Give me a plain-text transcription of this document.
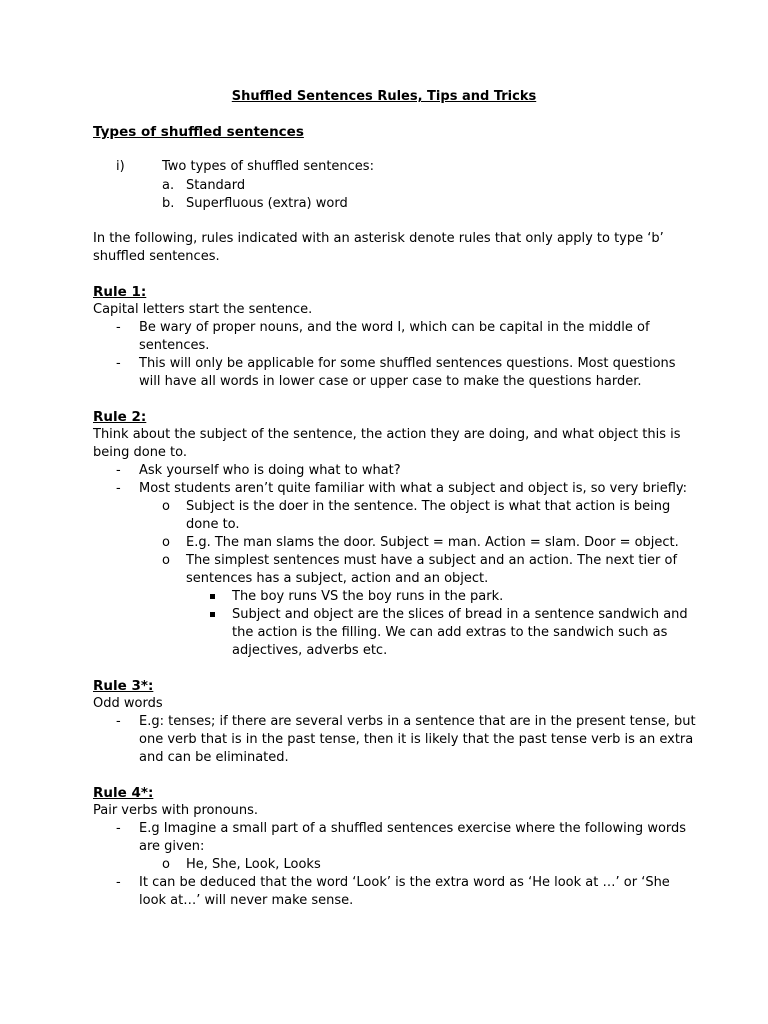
Shuffled Sentences Rules, Tips and Tricks
Types of shuffled sentences
i)	Two types of shuffled sentences:
a. Standard
b. Superfluous (extra) word
In the following, rules indicated with an asterisk denote rules that only apply to type ‘b’
shuffled sentences.
Rule 1:
Capital letters start the sentence.
- Be wary of proper nouns, and the word I, which can be capital in the middle of
sentences.
- This will only be applicable for some shuffled sentences questions. Most questions
will have all words in lower case or upper case to make the questions harder.
Rule 2:
Think about the subject of the sentence, the action they are doing, and what object this is
being done to.
- Ask yourself who is doing what to what?
- Most students aren’t quite familiar with what a subject and object is, so very briefly:
o Subject is the doer in the sentence. The object is what that action is being
done to.
o E.g. The man slams the door. Subject = man. Action = slam. Door = object.
o The simplest sentences must have a subject and an action. The next tier of
sentences has a subject, action and an object.
The boy runs VS the boy runs in the park.
Subject and object are the slices of bread in a sentence sandwich and
the action is the filling. We can add extras to the sandwich such as
adjectives, adverbs etc.
Rule 3*:
Odd words
- E.g: tenses; if there are several verbs in a sentence that are in the present tense, but
one verb that is in the past tense, then it is likely that the past tense verb is an extra
and can be eliminated.
Rule 4*:
Pair verbs with pronouns.
- E.g Imagine a small part of a shuffled sentences exercise where the following words
are given:
o He, She, Look, Looks
- It can be deduced that the word ‘Look’ is the extra word as ‘He look at …’ or ‘She
look at…’ will never make sense.
